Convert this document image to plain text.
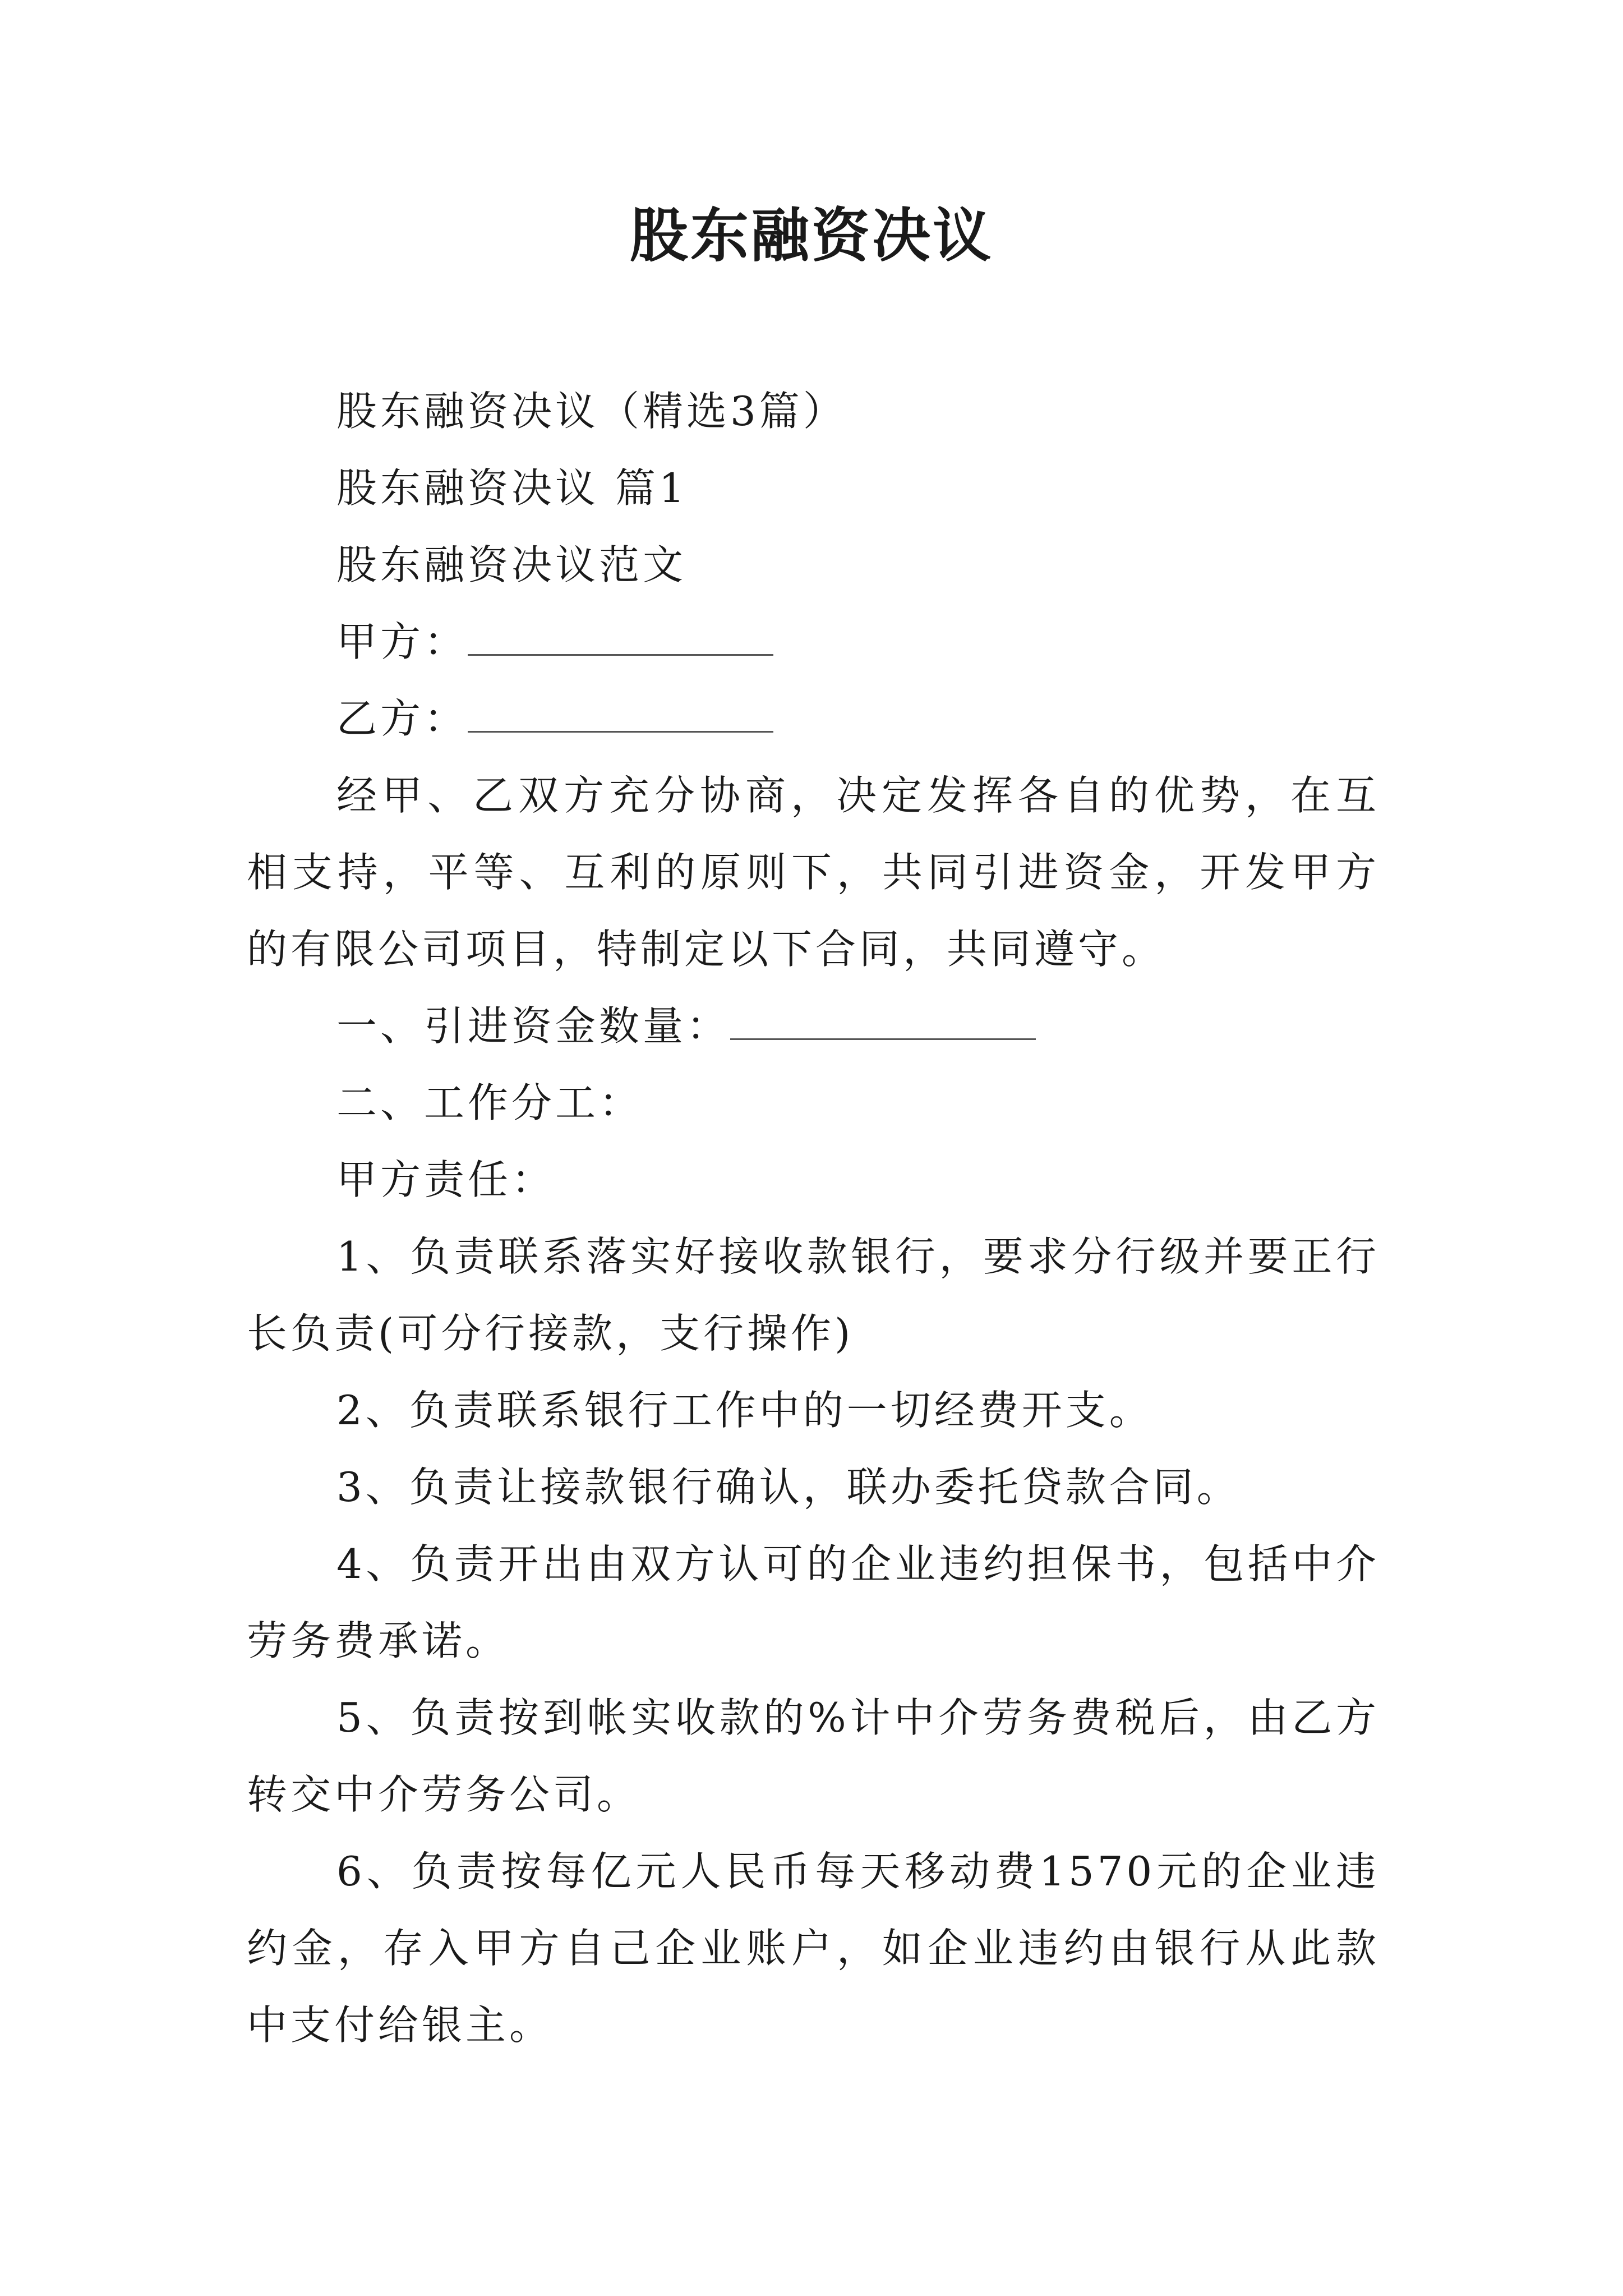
股东融资决议

股东融资决议（精选3篇）

股东融资决议 篇1

股东融资决议范文

甲方：

乙方：

经甲、乙双方充分协商，决定发挥各自的优势，在互相支持，平等、互利的原则下，共同引进资金，开发甲方的有限公司项目，特制定以下合同，共同遵守。

一、引进资金数量：

二、工作分工：

甲方责任：

1、负责联系落实好接收款银行，要求分行级并要正行长负责(可分行接款，支行操作)

2、负责联系银行工作中的一切经费开支。

3、负责让接款银行确认，联办委托贷款合同。

4、负责开出由双方认可的企业违约担保书，包括中介劳务费承诺。

5、负责按到帐实收款的%计中介劳务费税后，由乙方转交中介劳务公司。

6、负责按每亿元人民币每天移动费1570元的企业违约金，存入甲方自己企业账户，如企业违约由银行从此款中支付给银主。
